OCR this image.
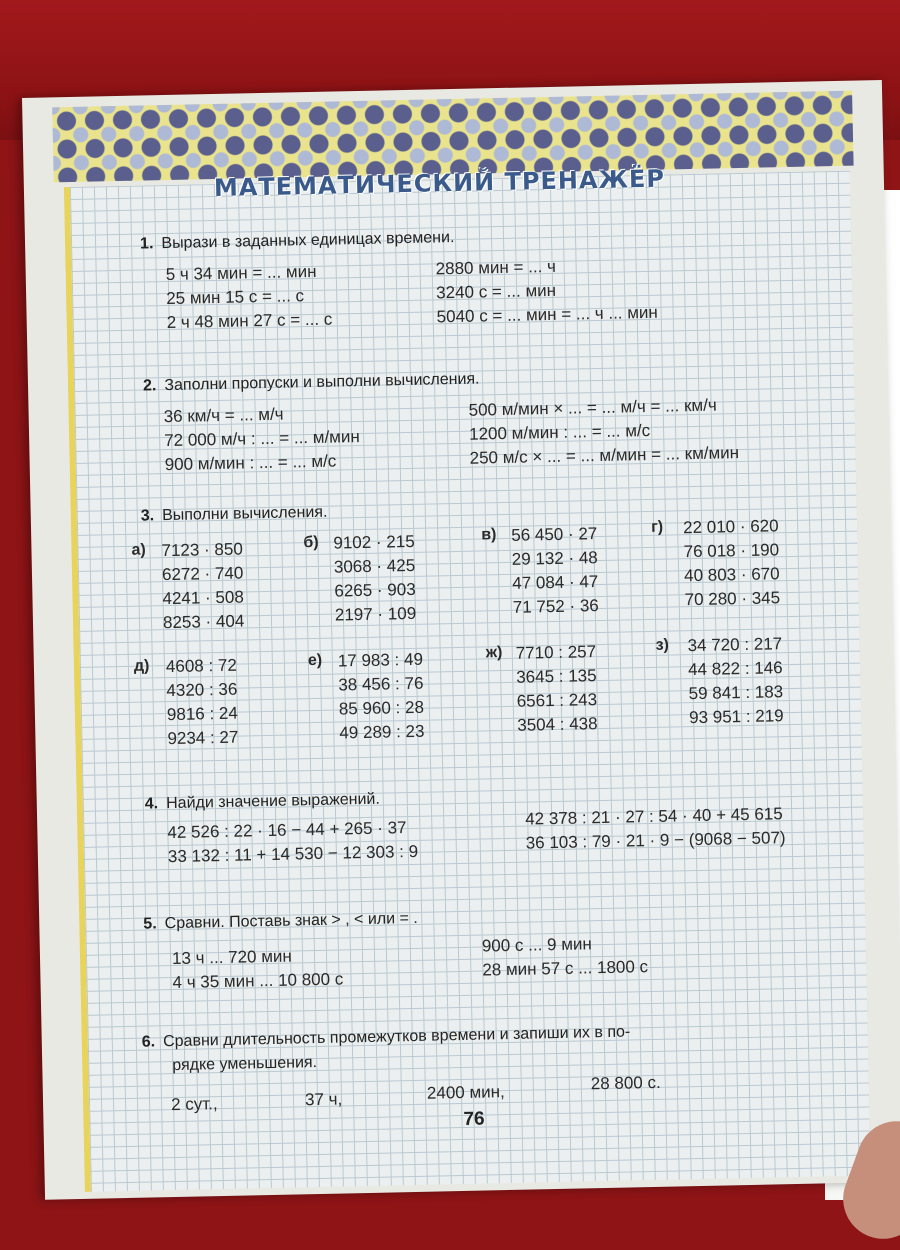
МАТЕМАТИЧЕСКИЙ ТРЕНАЖЁР
1. Вырази в заданных единицах времени.
5 ч 34 мин = ... мин
25 мин 15 с = ... с
2 ч 48 мин 27 с = ... с
2880 мин = ... ч
3240 с = ... мин
5040 с = ... мин = ... ч ... мин
2. Заполни пропуски и выполни вычисления.
36 км/ч = ... м/ч
72 000 м/ч : ... = ... м/мин
900 м/мин : ... = ... м/с
500 м/мин × ... = ... м/ч = ... км/ч
1200 м/мин : ... = ... м/с
250 м/с × ... = ... м/мин = ... км/мин
3. Выполни вычисления.
а) 7123 · 850
6272 · 740
4241 · 508
8253 · 404
б) 9102 · 215
3068 · 425
6265 · 903
2197 · 109
в) 56 450 · 27
29 132 · 48
47 084 · 47
71 752 · 36
г) 22 010 · 620
76 018 · 190
40 803 · 670
70 280 · 345
д) 4608 : 72
4320 : 36
9816 : 24
9234 : 27
е) 17 983 : 49
38 456 : 76
85 960 : 28
49 289 : 23
ж) 7710 : 257
3645 : 135
6561 : 243
3504 : 438
з) 34 720 : 217
44 822 : 146
59 841 : 183
93 951 : 219
4. Найди значение выражений.
42 526 : 22 · 16 − 44 + 265 · 37
33 132 : 11 + 14 530 − 12 303 : 9
42 378 : 21 · 27 : 54 · 40 + 45 615
36 103 : 79 · 21 · 9 − (9068 − 507)
5. Сравни. Поставь знак > , < или = .
13 ч ... 720 мин
4 ч 35 мин ... 10 800 с
900 с ... 9 мин
28 мин 57 с ... 1800 с
6. Сравни длительность промежутков времени и запиши их в по-
рядке уменьшения.
2 сут.,	37 ч,	2400 мин,	28 800 с.
76
